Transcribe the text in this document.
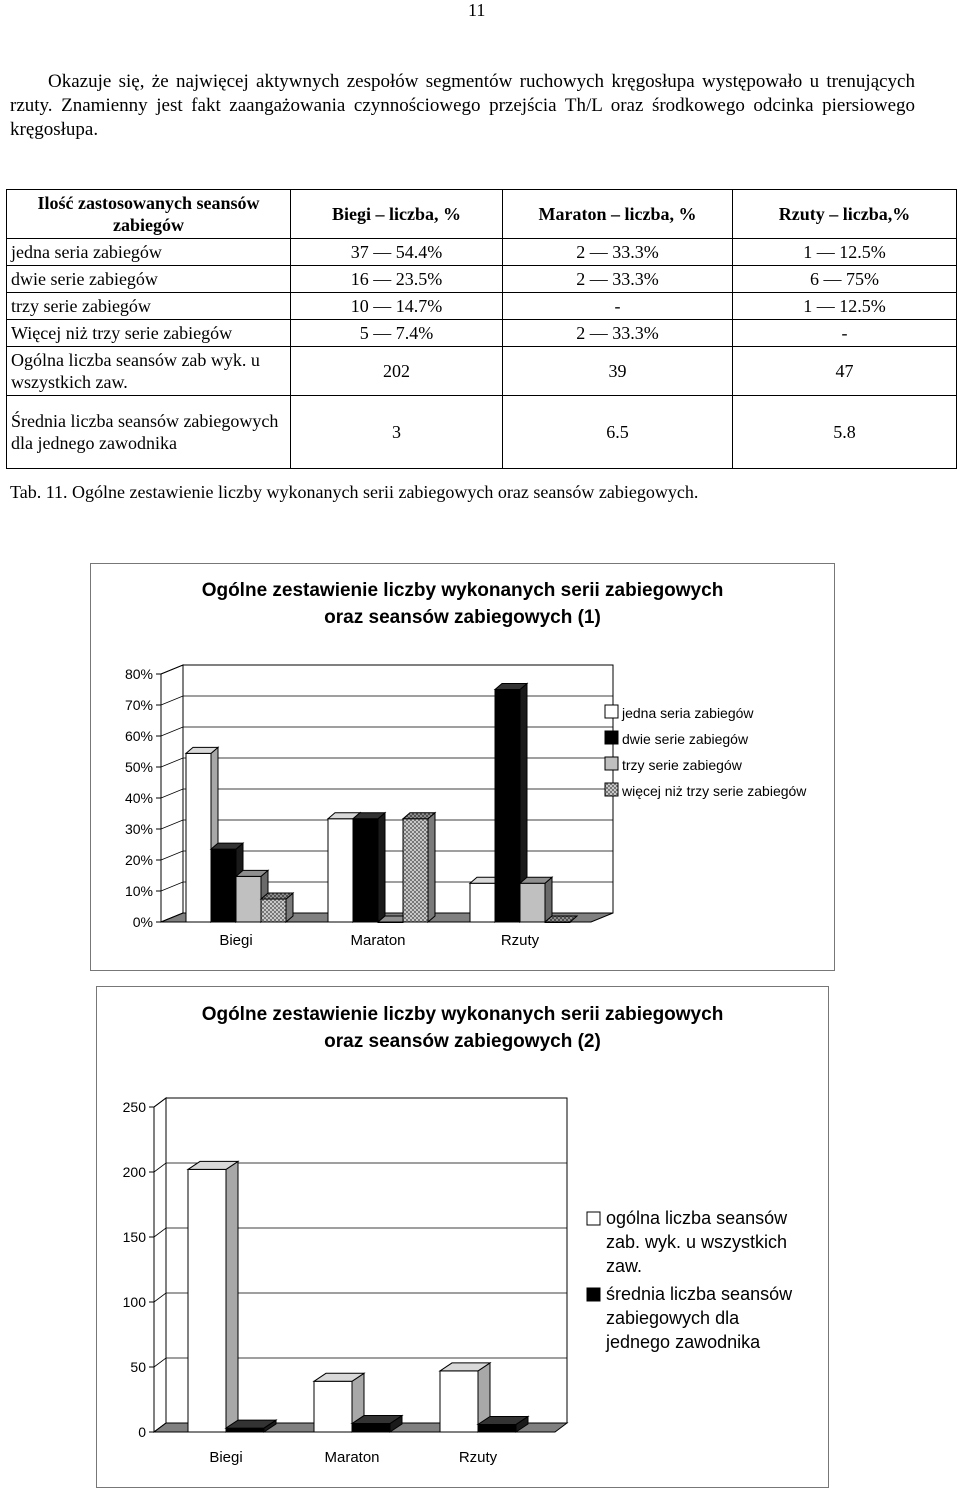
11

Okazuje się, że najwięcej aktywnych zespołów segmentów ruchowych kręgosłupa występowało u trenujących rzuty. Znamienny jest fakt zaangażowania czynnościowego przejścia Th/L oraz środkowego odcinka piersiowego kręgosłupa.

Ilość zastosowanych seansów zabiegów	Biegi – liczba, %	Maraton – liczba, %	Rzuty – liczba,%
jedna seria zabiegów	37 — 54.4%	2 — 33.3%	1 — 12.5%
dwie serie zabiegów	16 — 23.5%	2 — 33.3%	6 — 75%
trzy serie zabiegów	10 — 14.7%	-	1 — 12.5%
Więcej niż trzy serie zabiegów	5 — 7.4%	2 — 33.3%	-
Ogólna liczba seansów zab wyk. u wszystkich zaw.	202	39	47
Średnia liczba seansów zabiegowych dla jednego zawodnika	3	6.5	5.8

Tab. 11. Ogólne zestawienie liczby wykonanych serii zabiegowych oraz seansów zabiegowych.

Ogólne zestawienie liczby wykonanych serii zabiegowych
oraz seansów zabiegowych (1)
0%
10%
20%
30%
40%
50%
60%
70%
80%
Biegi	Maraton	Rzuty
jedna seria zabiegów
dwie serie zabiegów
trzy serie zabiegów
więcej niż trzy serie zabiegów
Ogólne zestawienie liczby wykonanych serii zabiegowych
oraz seansów zabiegowych (2)
0
50
100
150
200
250
Biegi	Maraton	Rzuty
ogólna liczba seansów
zab. wyk. u wszystkich
zaw.
średnia liczba seansów
zabiegowych dla
jednego zawodnika
